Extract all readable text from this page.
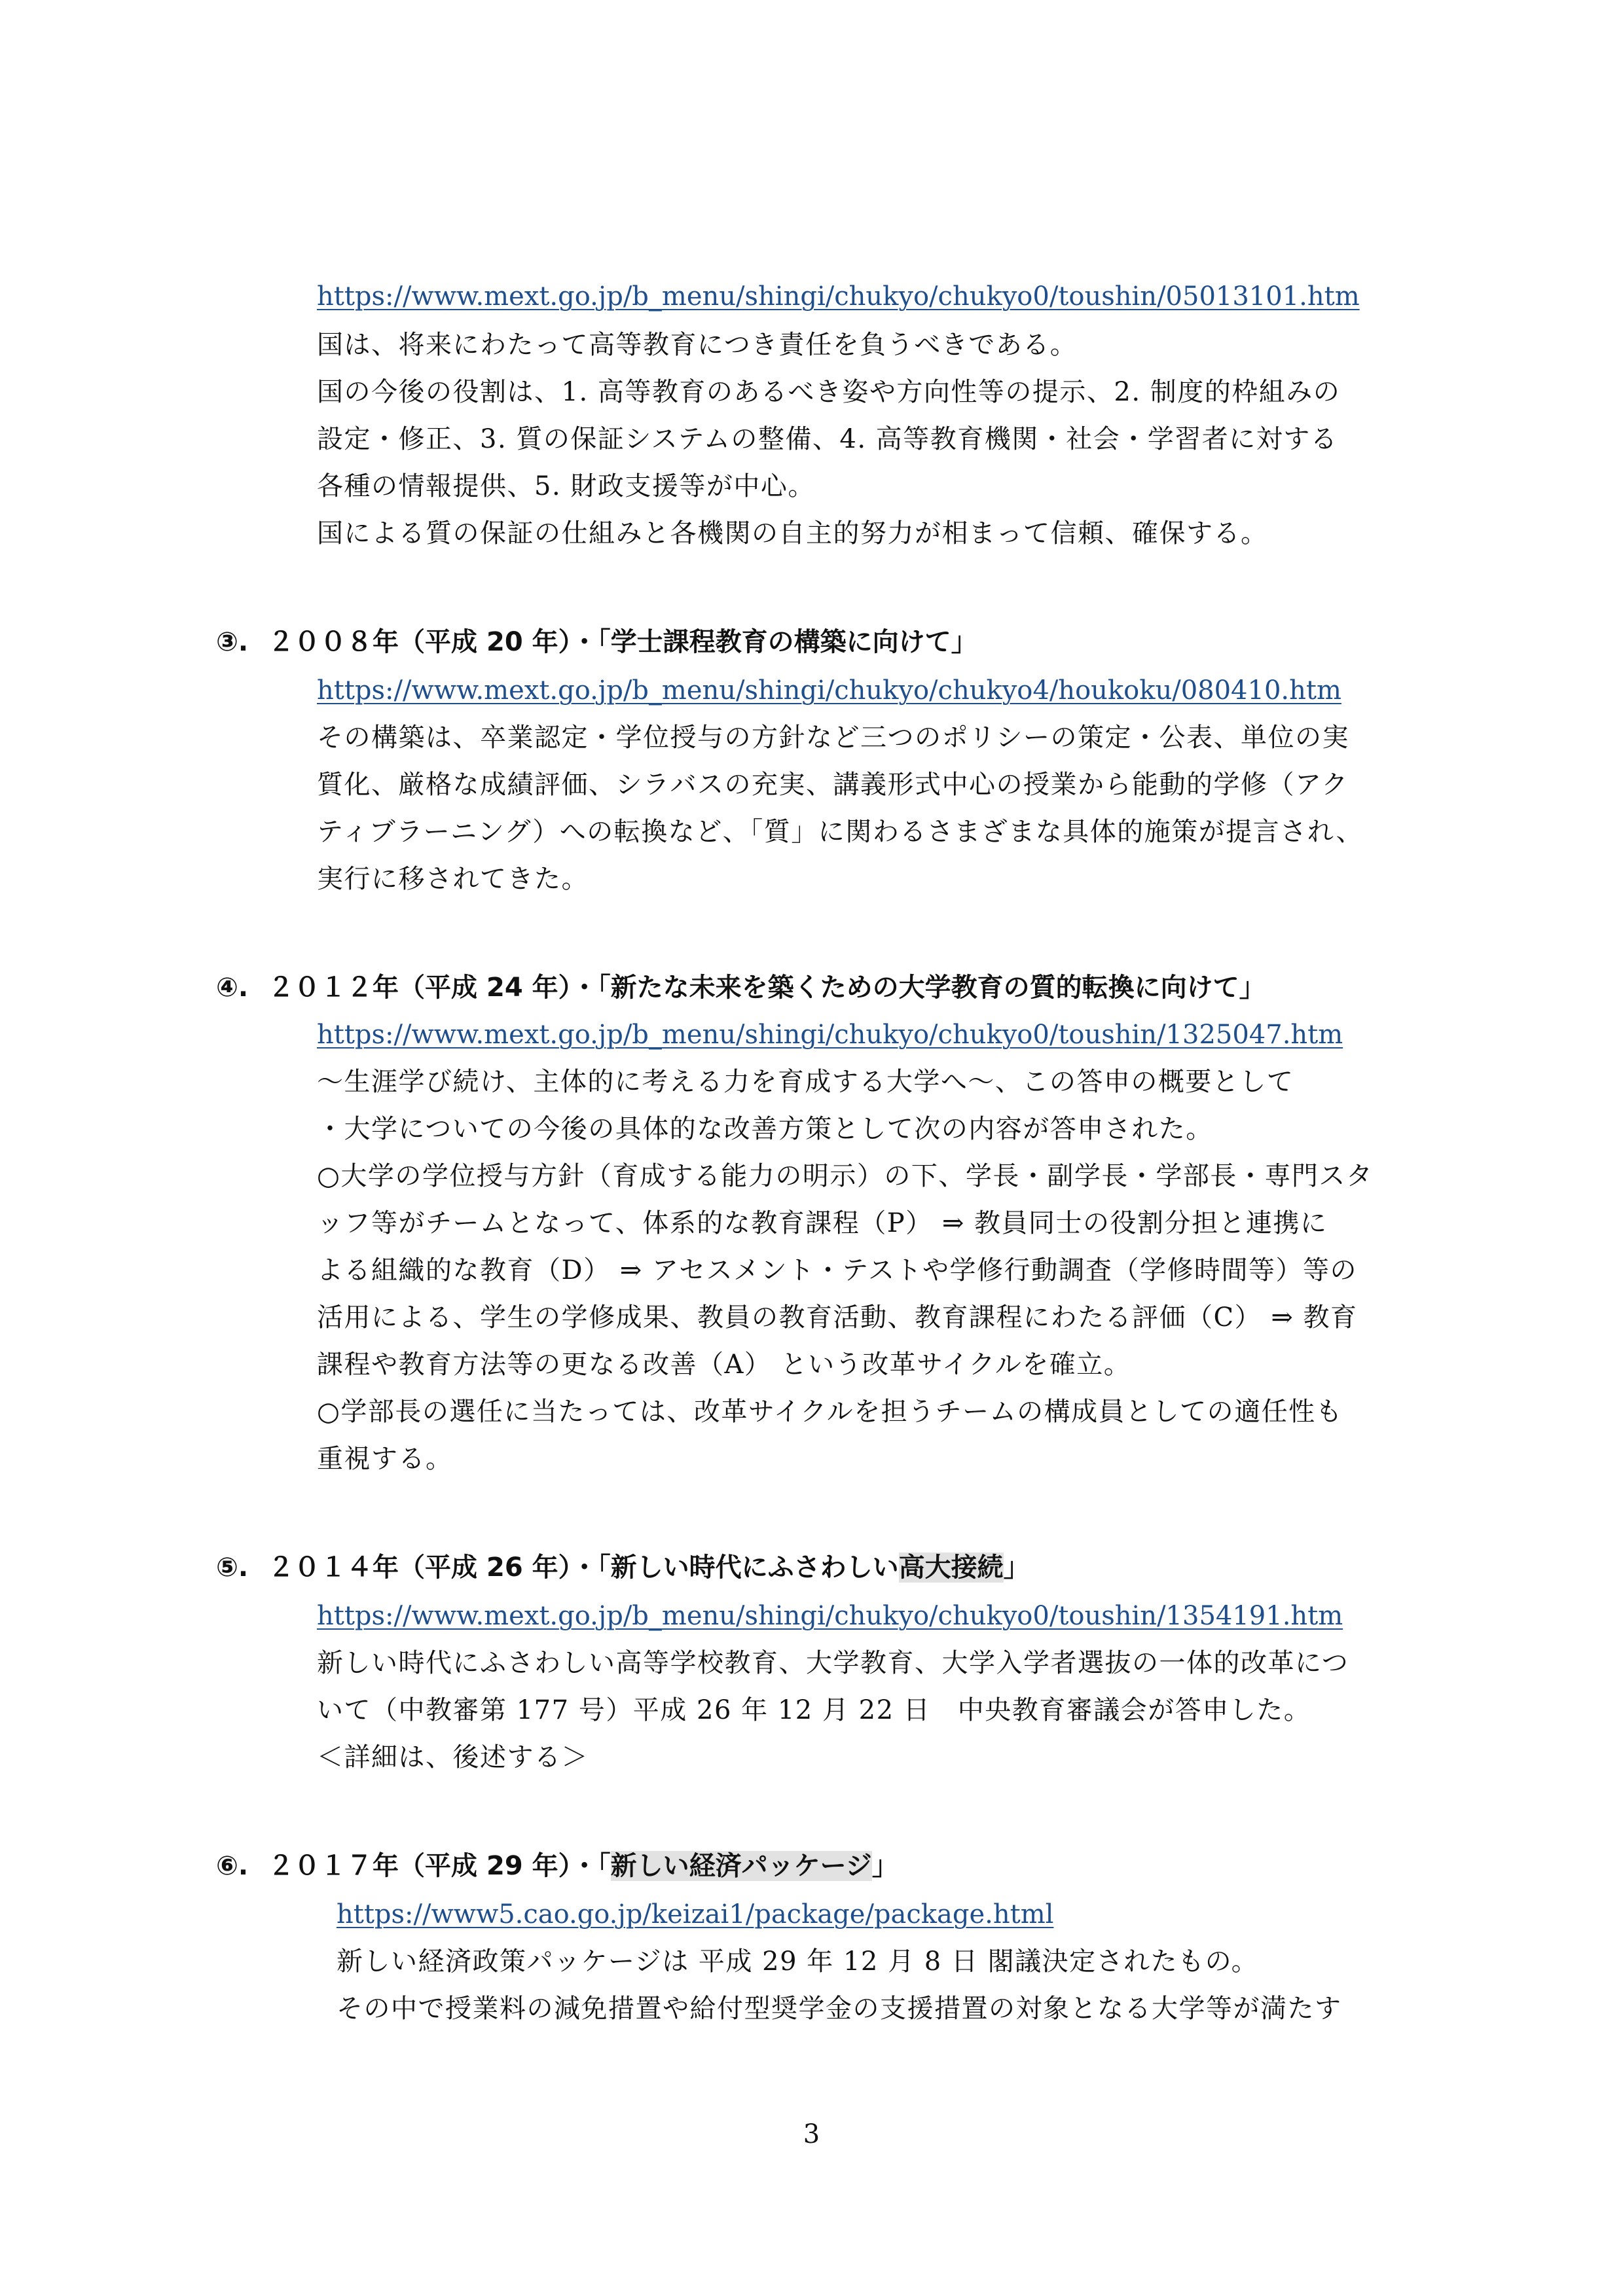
https://www.mext.go.jp/b_menu/shingi/chukyo/chukyo0/toushin/05013101.htm
国は、将来にわたって高等教育につき責任を負うべきである。
国の今後の役割は、1. 高等教育のあるべき姿や方向性等の提示、2. 制度的枠組みの
設定・修正、3. 質の保証システムの整備、4. 高等教育機関・社会・学習者に対する
各種の情報提供、5. 財政支援等が中心。
国による質の保証の仕組みと各機関の自主的努力が相まって信頼、確保する。
③. ２００８年（平成 20 年）・「学士課程教育の構築に向けて」
https://www.mext.go.jp/b_menu/shingi/chukyo/chukyo4/houkoku/080410.htm
その構築は、卒業認定・学位授与の方針など三つのポリシーの策定・公表、単位の実
質化、厳格な成績評価、シラバスの充実、講義形式中心の授業から能動的学修（アク
ティブラーニング）への転換など、「質」に関わるさまざまな具体的施策が提言され、
実行に移されてきた。
④. ２０１２年（平成 24 年）・「新たな未来を築くための大学教育の質的転換に向けて」
https://www.mext.go.jp/b_menu/shingi/chukyo/chukyo0/toushin/1325047.htm
～生涯学び続け、主体的に考える力を育成する大学へ～、この答申の概要として
・大学についての今後の具体的な改善方策として次の内容が答申された。
○大学の学位授与方針（育成する能力の明示）の下、学長・副学長・学部長・専門スタ
ッフ等がチームとなって、体系的な教育課程（P） ⇒ 教員同士の役割分担と連携に
よる組織的な教育（D） ⇒ アセスメント・テストや学修行動調査（学修時間等）等の
活用による、学生の学修成果、教員の教育活動、教育課程にわたる評価（C） ⇒ 教育
課程や教育方法等の更なる改善（A） という改革サイクルを確立。
○学部長の選任に当たっては、改革サイクルを担うチームの構成員としての適任性も
重視する。
⑤. ２０１４年（平成 26 年）・「新しい時代にふさわしい高大接続」
https://www.mext.go.jp/b_menu/shingi/chukyo/chukyo0/toushin/1354191.htm
新しい時代にふさわしい高等学校教育、大学教育、大学入学者選抜の一体的改革につ
いて（中教審第 177 号）平成 26 年 12 月 22 日　中央教育審議会が答申した。
＜詳細は、後述する＞
⑥. ２０１７年（平成 29 年）・「新しい経済パッケージ」
https://www5.cao.go.jp/keizai1/package/package.html
新しい経済政策パッケージは 平成 29 年 12 月 8 日 閣議決定されたもの。
その中で授業料の減免措置や給付型奨学金の支援措置の対象となる大学等が満たす
3
